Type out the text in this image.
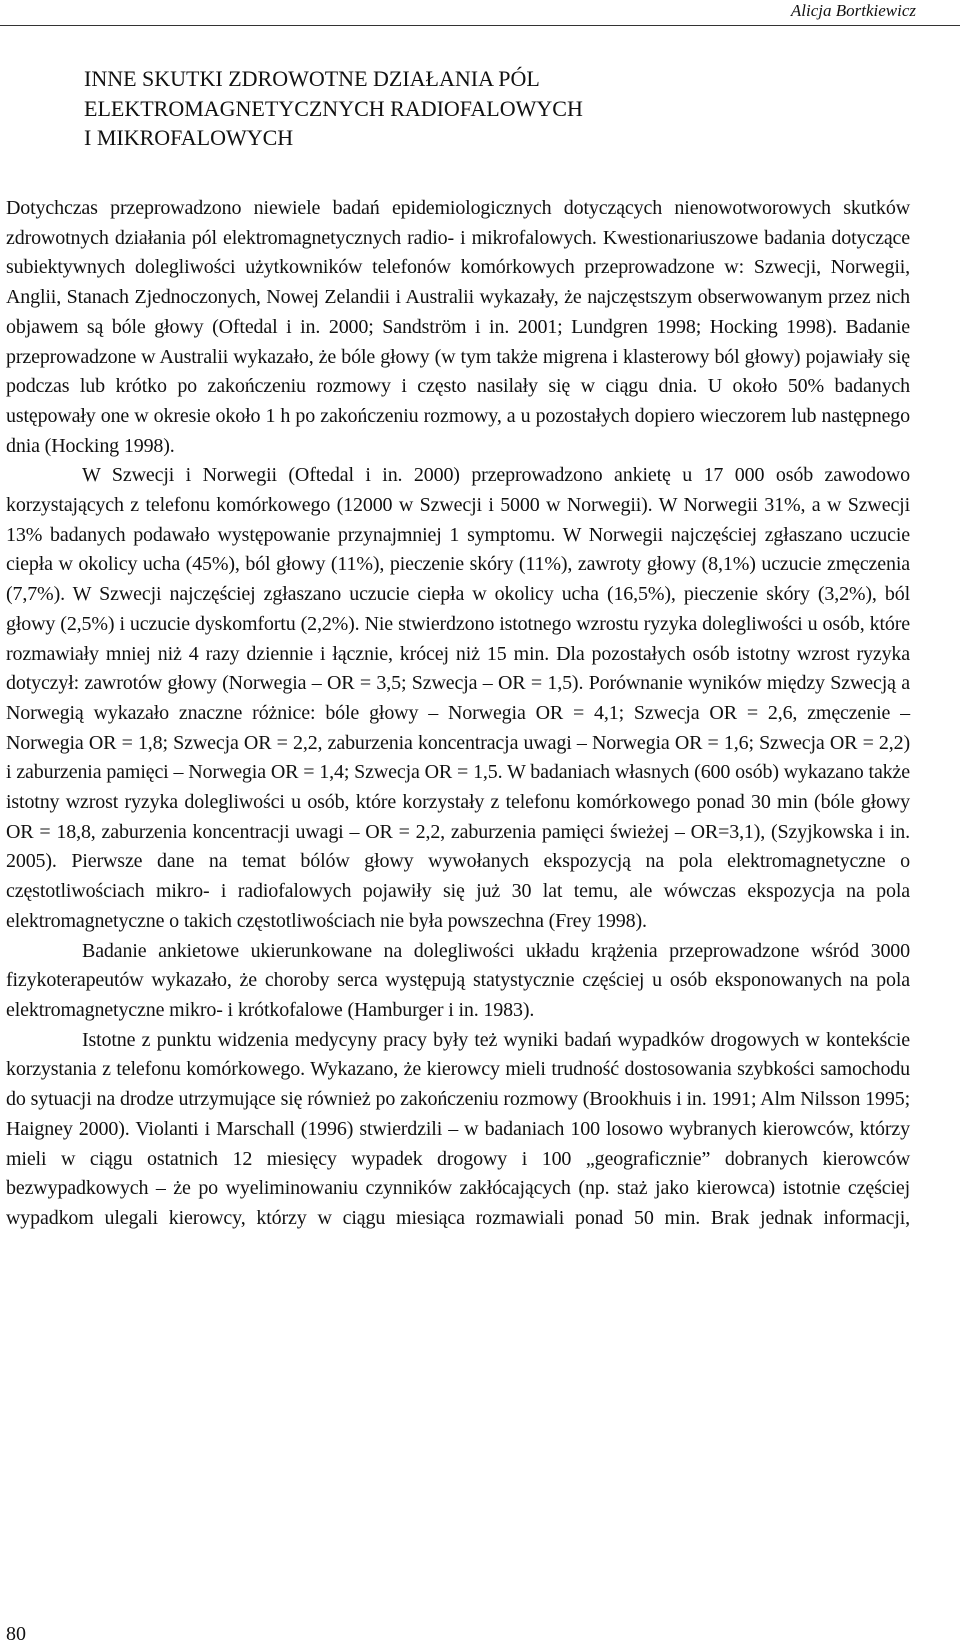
Alicja Bortkiewicz
INNE SKUTKI ZDROWOTNE DZIAŁANIA PÓL
ELEKTROMAGNETYCZNYCH RADIOFALOWYCH
I MIKROFALOWYCH

Dotychczas przeprowadzono niewiele badań epidemiologicznych dotyczących nienowotworowych skutków zdrowotnych działania pól elektromagnetycznych radio- i mikrofalowych. Kwestionariuszowe badania dotyczące subiektywnych dolegliwości użytkowników telefonów komórkowych przeprowadzone w: Szwecji, Norwegii, Anglii, Stanach Zjednoczonych, Nowej Zelandii i Australii wykazały, że najczęstszym obserwowanym przez nich objawem są bóle głowy (Oftedal i in. 2000; Sandström i in. 2001; Lundgren 1998; Hocking 1998). Badanie przeprowadzone w Australii wykazało, że bóle głowy (w tym także migrena i klasterowy ból głowy) pojawiały się podczas lub krótko po zakończeniu rozmowy i często nasilały się w ciągu dnia. U około 50% badanych ustępowały one w okresie około 1 h po zakończeniu rozmowy, a u pozostałych dopiero wieczorem lub następnego dnia (Hocking 1998).

W Szwecji i Norwegii (Oftedal i in. 2000) przeprowadzono ankietę u 17 000 osób zawodowo korzystających z telefonu komórkowego (12000 w Szwecji i 5000 w Norwegii). W Norwegii 31%, a w Szwecji 13% badanych podawało występowanie przynajmniej 1 symptomu. W Norwegii najczęściej zgłaszano uczucie ciepła w okolicy ucha (45%), ból głowy (11%), pieczenie skóry (11%), zawroty głowy (8,1%) uczucie zmęczenia (7,7%). W Szwecji najczęściej zgłaszano uczucie ciepła w okolicy ucha (16,5%), pieczenie skóry (3,2%), ból głowy (2,5%) i uczucie dyskomfortu (2,2%). Nie stwierdzono istotnego wzrostu ryzyka dolegliwości u osób, które rozmawiały mniej niż 4 razy dziennie i łącznie, krócej niż 15 min. Dla pozostałych osób istotny wzrost ryzyka dotyczył: zawrotów głowy (Norwegia – OR = 3,5; Szwecja – OR = 1,5). Porównanie wyników między Szwecją a Norwegią wykazało znaczne różnice: bóle głowy – Norwegia OR = 4,1; Szwecja OR = 2,6, zmęczenie – Norwegia OR = 1,8; Szwecja OR = 2,2, zaburzenia koncentracja uwagi – Norwegia OR = 1,6; Szwecja OR = 2,2) i zaburzenia pamięci – Norwegia OR = 1,4; Szwecja OR = 1,5. W badaniach własnych (600 osób) wykazano także istotny wzrost ryzyka dolegliwości u osób, które korzystały z telefonu komórkowego ponad 30 min (bóle głowy OR = 18,8, zaburzenia koncentracji uwagi – OR = 2,2, zaburzenia pamięci świeżej – OR=3,1), (Szyjkowska i in. 2005). Pierwsze dane na temat bólów głowy wywołanych ekspozycją na pola elektromagnetyczne o częstotliwościach mikro- i radiofalowych pojawiły się już 30 lat temu, ale wówczas ekspozycja na pola elektromagnetyczne o takich częstotliwościach nie była powszechna (Frey 1998).

Badanie ankietowe ukierunkowane na dolegliwości układu krążenia przeprowadzone wśród 3000 fizykoterapeutów wykazało, że choroby serca występują statystycznie częściej u osób eksponowanych na pola elektromagnetyczne mikro- i krótkofalowe (Hamburger i in. 1983).

Istotne z punktu widzenia medycyny pracy były też wyniki badań wypadków drogowych w kontekście korzystania z telefonu komórkowego. Wykazano, że kierowcy mieli trudność dostosowania szybkości samochodu do sytuacji na drodze utrzymujące się również po zakończeniu rozmowy (Brookhuis i in. 1991; Alm Nilsson 1995; Haigney 2000). Violanti i Marschall (1996) stwierdzili – w badaniach 100 losowo wybranych kierowców, którzy mieli w ciągu ostatnich 12 miesięcy wypadek drogowy i 100 „geograficznie” dobranych kierowców bezwypadkowych – że po wyeliminowaniu czynników zakłócających (np. staż jako kierowca) istotnie częściej wypadkom ulegali kierowcy, którzy w ciągu miesiąca rozmawiali ponad 50 min. Brak jednak informacji,

80
